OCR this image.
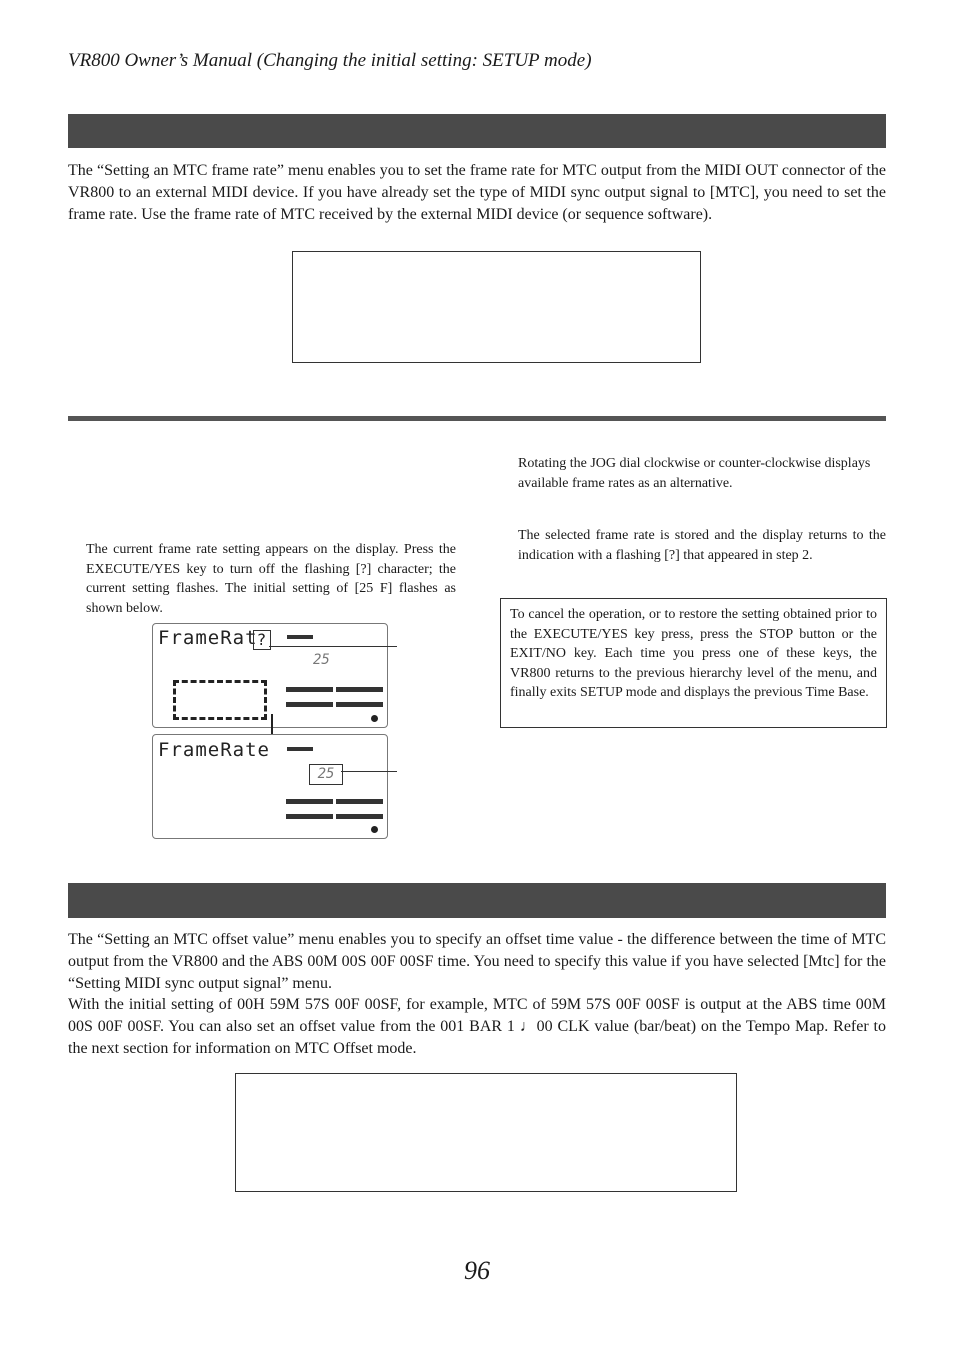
VR800 Owner’s Manual (Changing the initial setting: SETUP mode)
The “Setting an MTC frame rate” menu enables you to set the frame rate for MTC output from the MIDI OUT connector of the VR800 to an external MIDI device. If you have already set the type of MIDI sync output signal to [MTC], you need to set the frame rate. Use the frame rate of MTC received by the external MIDI device (or sequence software).
The current frame rate setting appears on the display. Press the EXECUTE/YES key to turn off the flashing [?] character; the current setting flashes. The initial setting of [25 F] flashes as shown below.
Rotating the JOG dial clockwise or counter-clockwise displays available frame rates as an alternative.
The selected frame rate is stored and the display returns to the indication with a flashing [?] that appeared in step 2.
To cancel the operation, or to restore the setting obtained prior to the EXECUTE/YES key press, press the STOP button or the EXIT/NO key. Each time you press one of these keys, the VR800 returns to the previous hierarchy level of the menu, and finally exits SETUP mode and displays the previous Time Base.
FrameRat ?
25
FrameRate
25
The “Setting an MTC offset value” menu enables you to specify an offset time value - the difference between the time of MTC output from the VR800 and the ABS 00M 00S 00F 00SF time. You need to specify this value if you have selected [Mtc] for the “Setting MIDI sync output signal” menu.
With the initial setting of 00H 59M 57S 00F 00SF, for example, MTC of 59M 57S 00F 00SF is output at the ABS time 00M 00S 00F 00SF. You can also set an offset value from the 001 BAR 1 ♩00 CLK value (bar/beat) on the Tempo Map. Refer to the next section for information on MTC Offset mode.
96
